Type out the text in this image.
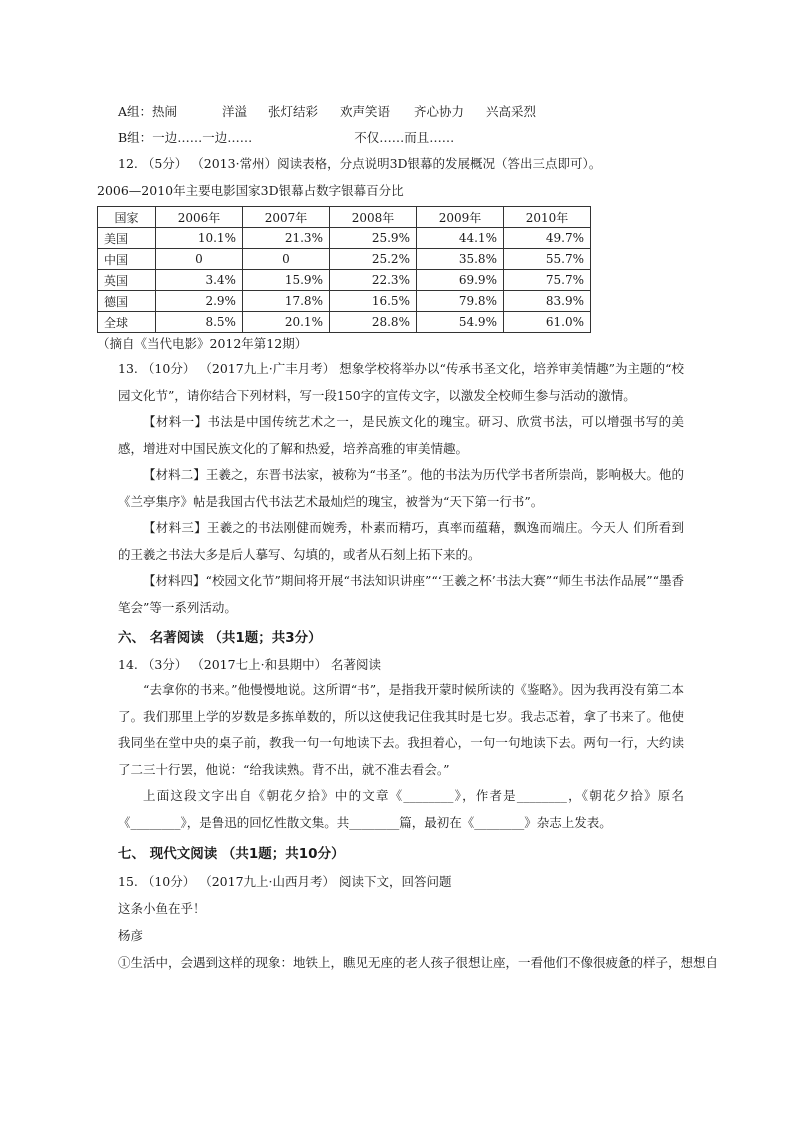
A组：热闹	洋溢 张灯结彩 欢声笑语 齐心协力 兴高采烈
B组：一边……一边……	不仅……而且……
12. （5分） （2013·常州）阅读表格，分点说明3D银幕的发展概况（答出三点即可）。
2006—2010年主要电影国家3D银幕占数字银幕百分比
国家	2006年	2007年	2008年	2009年	2010年
美国	10.1%	21.3%	25.9%	44.1%	49.7%
中国	0	0	25.2%	35.8%	55.7%
英国	3.4%	15.9%	22.3%	69.9%	75.7%
德国	2.9%	17.8%	16.5%	79.8%	83.9%
全球	8.5%	20.1%	28.8%	54.9%	61.0%
（摘自《当代电影》2012年第12期）
13. （10分） （2017九上·广丰月考） 想象学校将举办以“传承书圣文化，培养审美情趣”为主题的“校园文化节”，请你结合下列材料，写一段150字的宣传文字，以激发全校师生参与活动的激情。
【材料一】书法是中国传统艺术之一，是民族文化的瑰宝。研习、欣赏书法，可以增强书写的美感，增进对中国民族文化的了解和热爱，培养高雅的审美情趣。
【材料二】王羲之，东晋书法家，被称为“书圣”。他的书法为历代学书者所崇尚，影响极大。他的《兰亭集序》帖是我国古代书法艺术最灿烂的瑰宝，被誉为“天下第一行书”。
【材料三】王羲之的书法刚健而婉秀，朴素而精巧，真率而蕴藉，飘逸而端庄。今天人 们所看到的王羲之书法大多是后人摹写、勾填的，或者从石刻上拓下来的。
【材料四】“校园文化节”期间将开展“书法知识讲座”“‘王羲之杯’书法大赛”“师生书法作品展”“墨香笔会”等一系列活动。
六、 名著阅读 （共1题；共3分）
14. （3分） （2017七上·和县期中） 名著阅读
“去拿你的书来。”他慢慢地说。这所谓“书”，是指我开蒙时候所读的《鉴略》。因为我再没有第二本了。我们那里上学的岁数是多拣单数的，所以这使我记住我其时是七岁。我忐忑着，拿了书来了。他使我同坐在堂中央的桌子前，教我一句一句地读下去。我担着心，一句一句地读下去。两句一行，大约读了二三十行罢，他说：“给我读熟。背不出，就不准去看会。”
上面这段文字出自《朝花夕拾》中的文章《________》，作者是________，《朝花夕拾》原名《________》，是鲁迅的回忆性散文集。共________篇，最初在《________》杂志上发表。
七、 现代文阅读 （共1题；共10分）
15. （10分） （2017九上·山西月考） 阅读下文，回答问题
这条小鱼在乎！
杨彦
①生活中，会遇到这样的现象：地铁上，瞧见无座的老人孩子很想让座，一看他们不像很疲惫的样子，想想自
